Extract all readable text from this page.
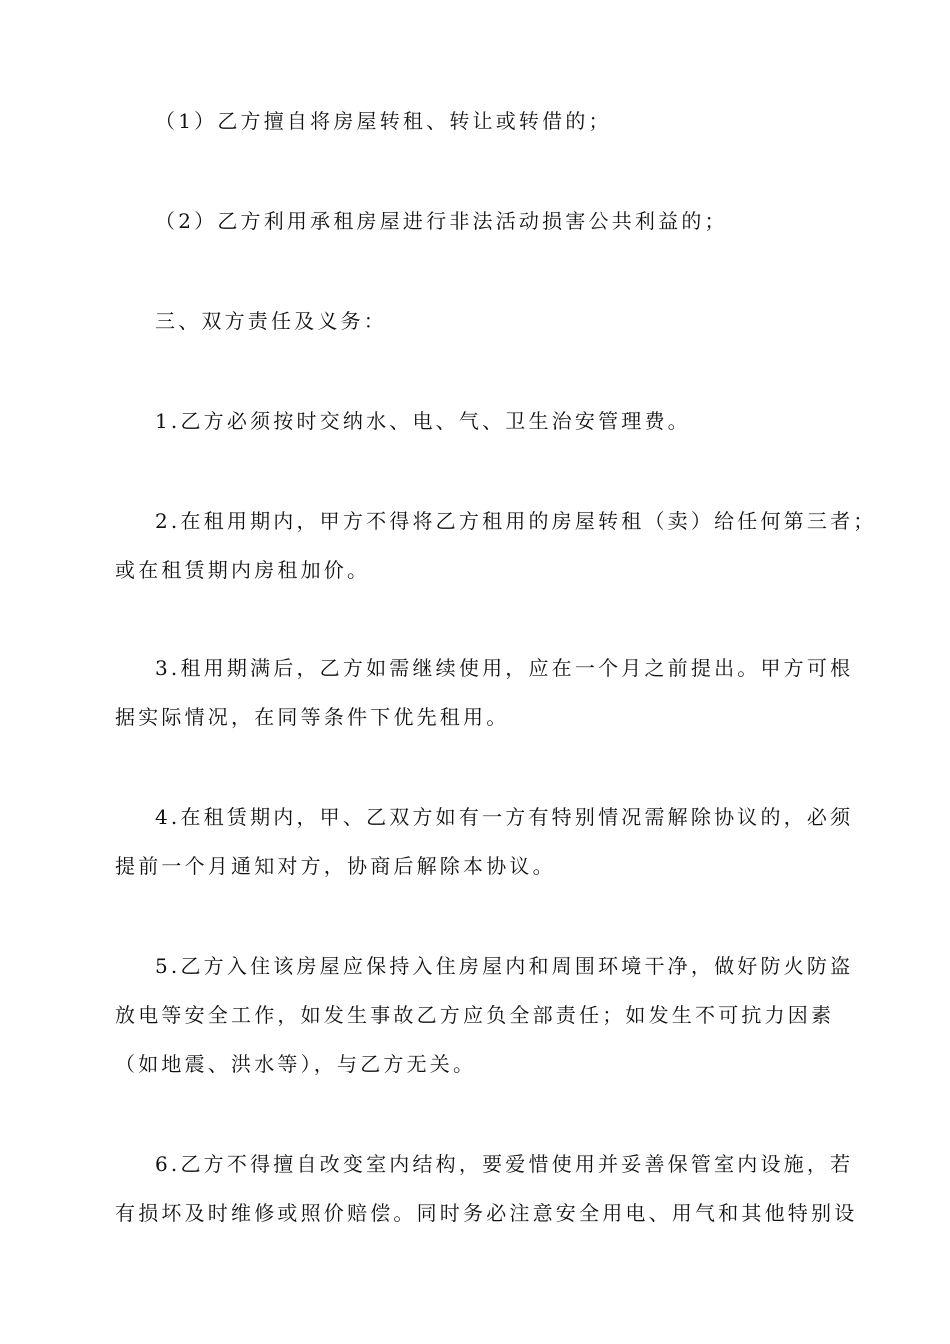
（1）乙方擅自将房屋转租、转让或转借的；

（2）乙方利用承租房屋进行非法活动损害公共利益的；

三、双方责任及义务：

1.乙方必须按时交纳水、电、气、卫生治安管理费。

2.在租用期内，甲方不得将乙方租用的房屋转租（卖）给任何第三者；
或在租赁期内房租加价。

3.租用期满后，乙方如需继续使用，应在一个月之前提出。甲方可根
据实际情况，在同等条件下优先租用。

4.在租赁期内，甲、乙双方如有一方有特别情况需解除协议的，必须
提前一个月通知对方，协商后解除本协议。

5.乙方入住该房屋应保持入住房屋内和周围环境干净，做好防火防盗
放电等安全工作，如发生事故乙方应负全部责任；如发生不可抗力因素
（如地震、洪水等），与乙方无关。

6.乙方不得擅自改变室内结构，要爱惜使用并妥善保管室内设施，若
有损坏及时维修或照价赔偿。同时务必注意安全用电、用气和其他特别设
